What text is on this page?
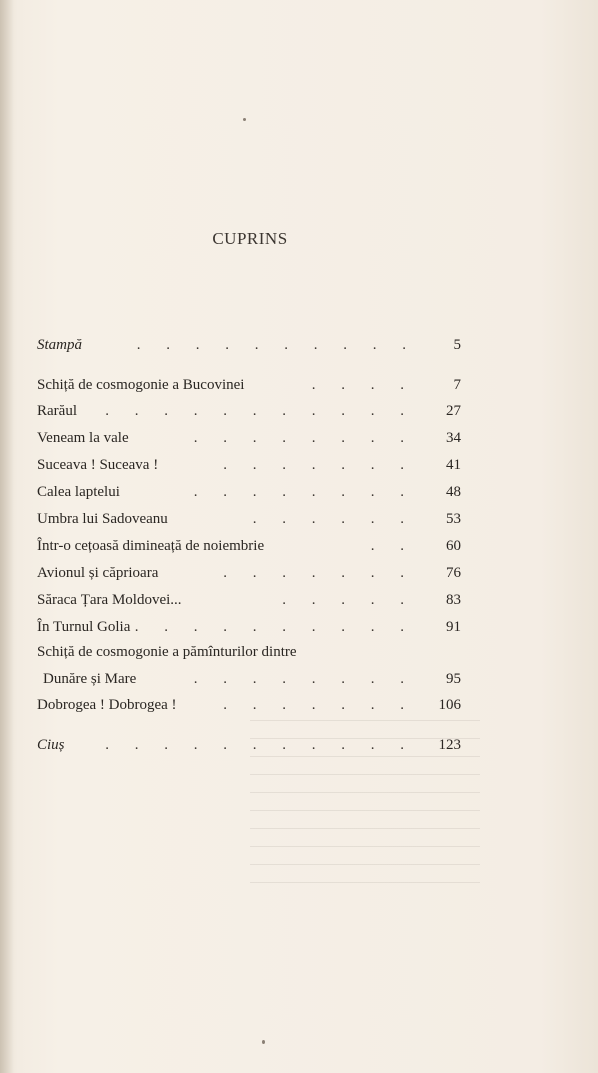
CUPRINS
Stampă	. . . . . . . . . .	5
Schiță de cosmogonie a Bucovinei	. . . .	7
Rarăul . . . . . . . . . . .	27
Veneam la vale	. . . . . . . .	34
Suceava ! Suceava !	. . . . . . .	41
Calea laptelui	. . . . . . . .	48
Umbra lui Sadoveanu	. . . . . .	53
Într-o cețoasă dimineață de noiembrie	. .	60
Avionul și căprioara	. . . . . . .	76
Săraca Țara Moldovei...	. . . . .	83
În Turnul Golia . . . . . . . . . .	91
Schiță de cosmogonie a pămînturilor dintre
Dunăre și Mare	. . . . . . . .	95
Dobrogea ! Dobrogea !	. . . . . . .	106
Ciuș	. . . . . . . . . . .	123
